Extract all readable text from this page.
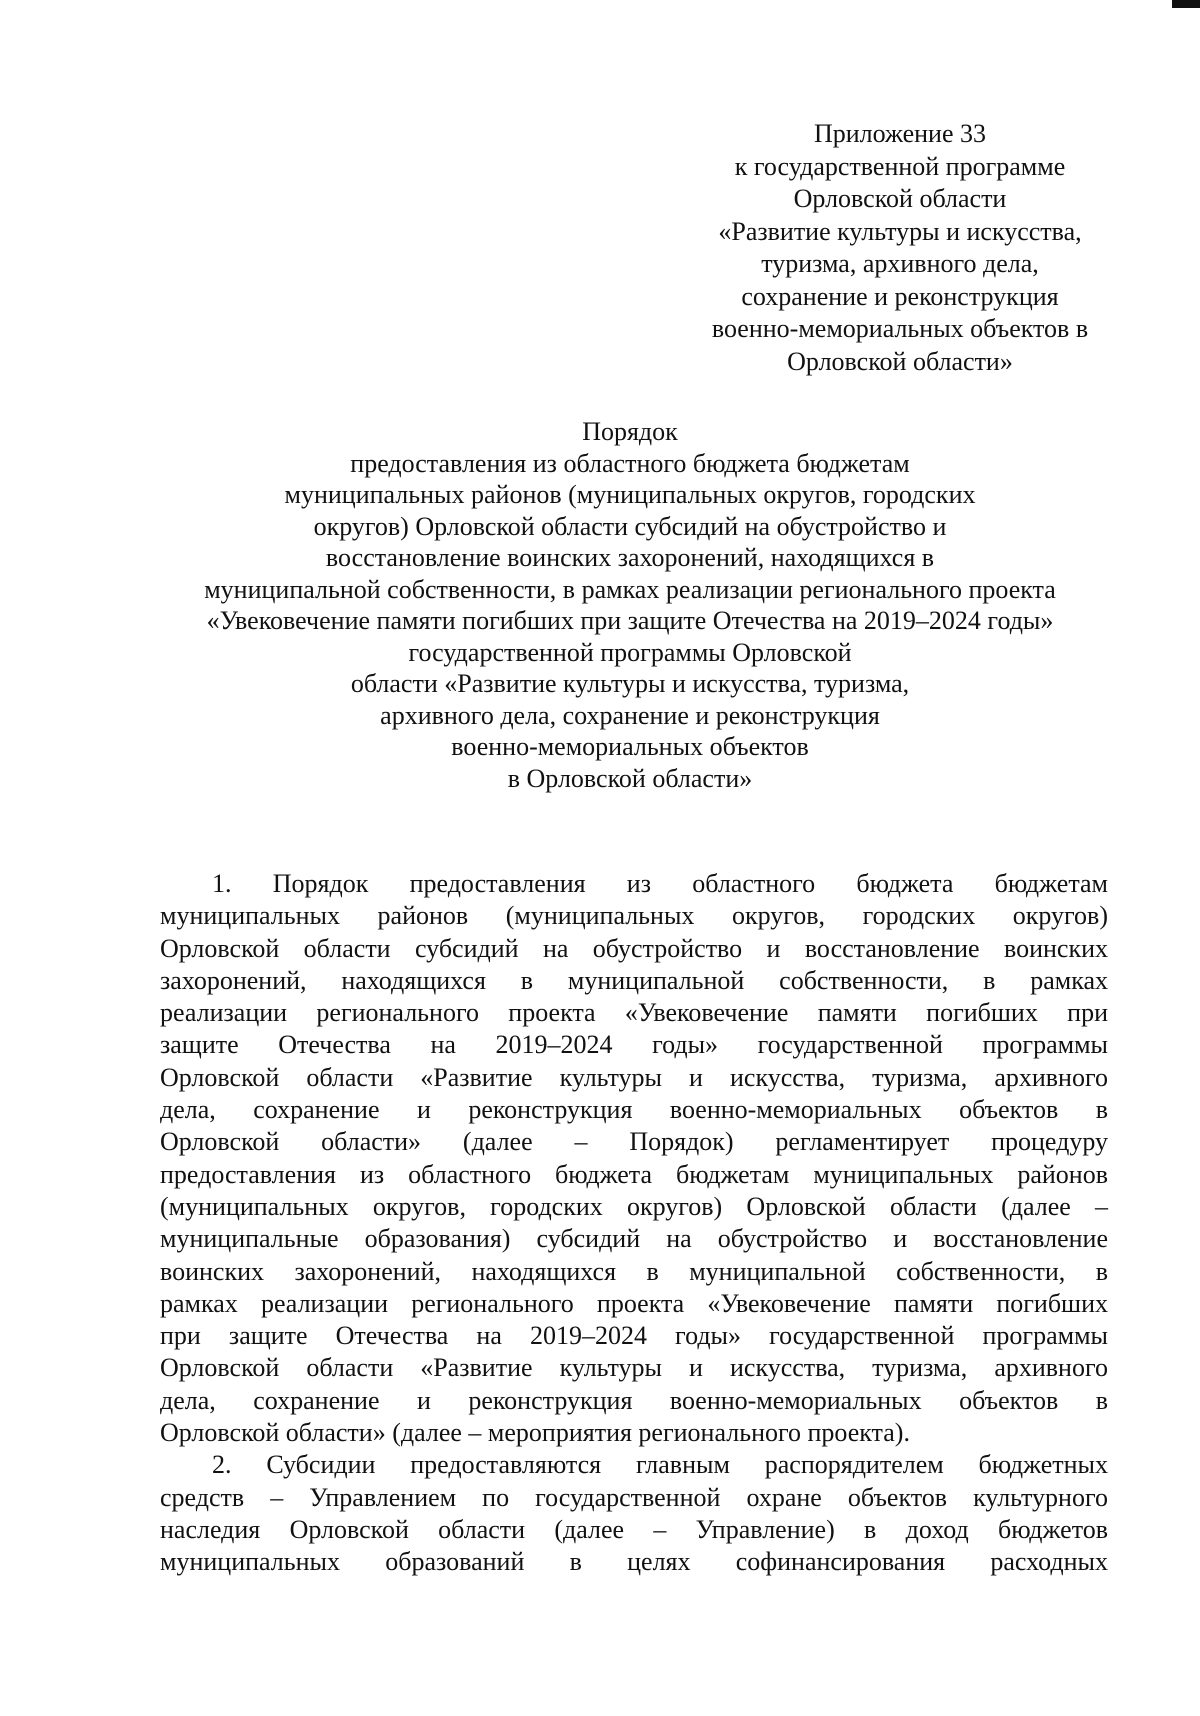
Приложение 33
к государственной программе
Орловской области
«Развитие культуры и искусства,
туризма, архивного дела,
сохранение и реконструкция
военно-мемориальных объектов в
Орловской области»
Порядок
предоставления из областного бюджета бюджетам
муниципальных районов (муниципальных округов, городских
округов) Орловской области субсидий на обустройство и
восстановление воинских захоронений, находящихся в
муниципальной собственности, в рамках реализации регионального проекта
«Увековечение памяти погибших при защите Отечества на 2019–2024 годы»
государственной программы Орловской
области «Развитие культуры и искусства, туризма,
архивного дела, сохранение и реконструкция
военно-мемориальных объектов
в Орловской области»
1. Порядок предоставления из областного бюджета бюджетам
муниципальных районов (муниципальных округов, городских округов)
Орловской области субсидий на обустройство и восстановление воинских
захоронений, находящихся в муниципальной собственности, в рамках
реализации регионального проекта «Увековечение памяти погибших при
защите Отечества на 2019–2024 годы» государственной программы
Орловской области «Развитие культуры и искусства, туризма, архивного
дела, сохранение и реконструкция военно-мемориальных объектов в
Орловской области» (далее – Порядок) регламентирует процедуру
предоставления из областного бюджета бюджетам муниципальных районов
(муниципальных округов, городских округов) Орловской области (далее –
муниципальные образования) субсидий на обустройство и восстановление
воинских захоронений, находящихся в муниципальной собственности, в
рамках реализации регионального проекта «Увековечение памяти погибших
при защите Отечества на 2019–2024 годы» государственной программы
Орловской области «Развитие культуры и искусства, туризма, архивного
дела, сохранение и реконструкция военно-мемориальных объектов в
Орловской области» (далее – мероприятия регионального проекта).
2. Субсидии предоставляются главным распорядителем бюджетных
средств – Управлением по государственной охране объектов культурного
наследия Орловской области (далее – Управление) в доход бюджетов
муниципальных образований в целях софинансирования расходных
